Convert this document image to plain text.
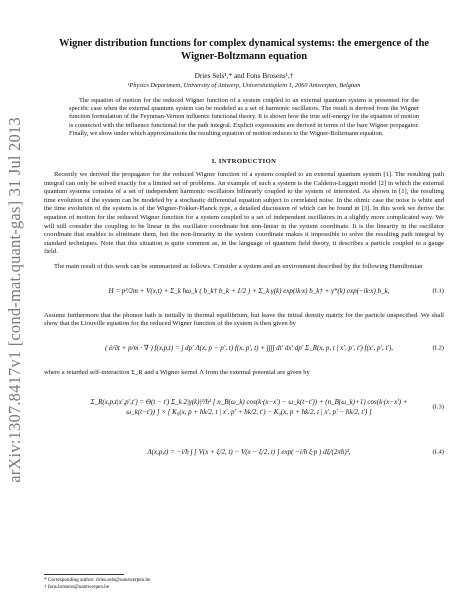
arXiv:1307.8417v1 [cond-mat.quant-gas] 31 Jul 2013
Wigner distribution functions for complex dynamical systems: the emergence of the Wigner-Boltzmann equation
Dries Sels¹,* and Fons Brosens¹,†
¹Physics Department, University of Antwerp, Universiteitsplein 1, 2060 Antwerpen, Belgium

The equation of motion for the reduced Wigner function of a system coupled to an external quantum system is presented for the specific case when the external quantum system can be modeled as a set of harmonic oscillators. The result is derived from the Wigner function formulation of the Feynman-Vernon influence functional theory. It is shown how the true self-energy for the equation of motion is connected with the influence functional for the path integral. Explicit expressions are derived in terms of the bare Wigner propagator. Finally, we show under which approximations the resulting equation of motion reduces to the Wigner-Boltzmann equation.

I. INTRODUCTION

Recently we derived the propagator for the reduced Wigner function of a system coupled to an external quantum system [1]. The resulting path integral can only be solved exactly for a limited set of problems. An example of such a system is the Caldeira-Leggett model [2] in which the external quantum systems consists of a set of independent harmonic oscillators bilinearly coupled to the system of interested. As shown in [1], the resulting time evolution of the system can be modeled by a stochastic differential equation subject to correlated noise. In the ohmic case the noise is white and the time evolution of the system is of the Wigner-Fokker-Planck type, a detailed discussion of which can be found in [3]. In this work we derive the equation of motion for the reduced Wigner function for a system coupled to a set of independent oscillators in a slightly more complicated way. We will still consider the coupling to be linear in the oscillator coordinate but non-linear in the system coordinate. It is the linearity in the oscillator coordinate that enables to eliminate them, but the non-linearity in the system coordinate makes it impossible to solve the resulting path integral by standard techniques. Note that this situation is quite common as, in the language of quantum field theory, it describes a particle coupled to a gauge field.

The main result of this work can be summarized as follows. Consider a system and an environment described by the following Hamiltonian

H = p²/2m + V(x,t) + Σ_k ħω_k ( b_k† b_k + 1/2 ) + Σ_k γ(k) exp(ik·x) b_k† + γ*(k) exp(−ik·x) b_k,	(I.1)

Assume furthermore that the phonon bath is initially in thermal equilibrium, but leave the initial density matrix for the particle unspecified. We shall show that the Liouville equation for the reduced Wigner function of the system is then given by

( ∂/∂t + p/m · ∇ ) f(x,p,t) = ∫ dp′ Λ(x, p − p′, t) f(x, p′, t) + ∫∫∫∫ dt′ dx′ dp′ Σ_R(x, p, t | x′, p′, t′) f(x′, p′, t′),	(I.2)

where a retarded self-interaction Σ_R and a Wigner kernel Λ from the external potential are given by

Σ_R(x,p,t|x′,p′,t′) = Θ(t − t′) Σ_k 2|γ(k)|²/ħ² [ n_B(ω_k) cos(k·(x−x′) − ω_k(t−t′)) + (n_B(ω_k)+1) cos(k·(x−x′) + ω_k(t−t′)) ] × [ K₀(x, p + ħk/2, t | x′, p′ + ħk/2, t′) − K₀(x, p + ħk/2, t | x′, p′ − ħk/2, t′) ]
(I.3)
Λ(x,p,t) = −i/ħ ∫ [ V(x + ξ/2, t) − V(x − ξ/2, t) ] exp( −i/ħ ξ·p ) dξ/(2πħ)³,	(I.4)
* Corresponding author: dries.sels@uantwerpen.be
† fons.brosens@uantwerpen.be
